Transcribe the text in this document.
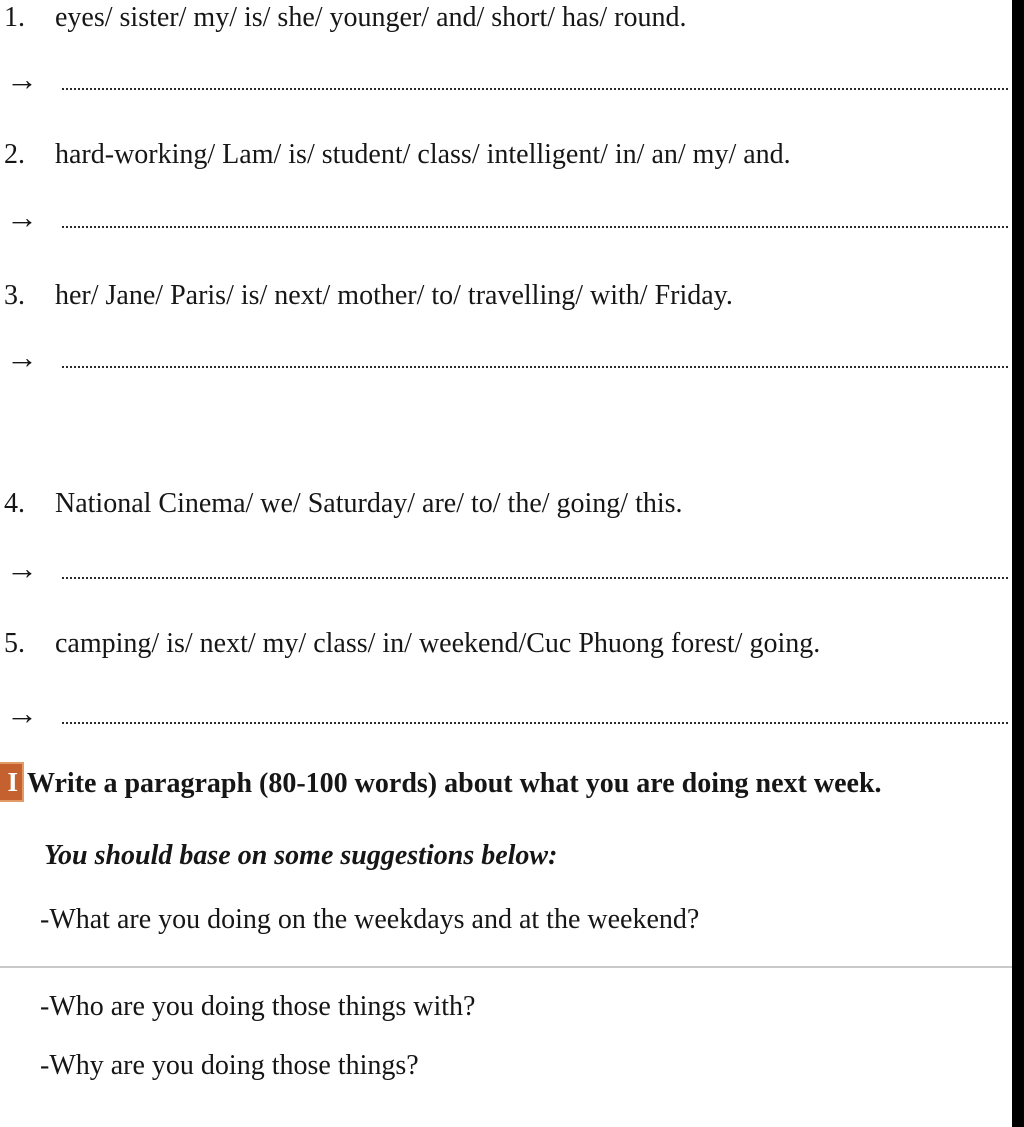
1.	eyes/ sister/ my/ is/ she/ younger/ and/ short/ has/ round.
→
2.	hard-working/ Lam/ is/ student/ class/ intelligent/ in/ an/ my/ and.
→
3.	her/ Jane/ Paris/ is/ next/ mother/ to/ travelling/ with/ Friday.
→
4.	National Cinema/ we/ Saturday/ are/ to/ the/ going/ this.
→
5.	camping/ is/ next/ my/ class/ in/ weekend/Cuc Phuong forest/ going.
→
I Write a paragraph (80-100 words) about what you are doing next week.
You should base on some suggestions below:
-What are you doing on the weekdays and at the weekend?
-Who are you doing those things with?
-Why are you doing those things?
